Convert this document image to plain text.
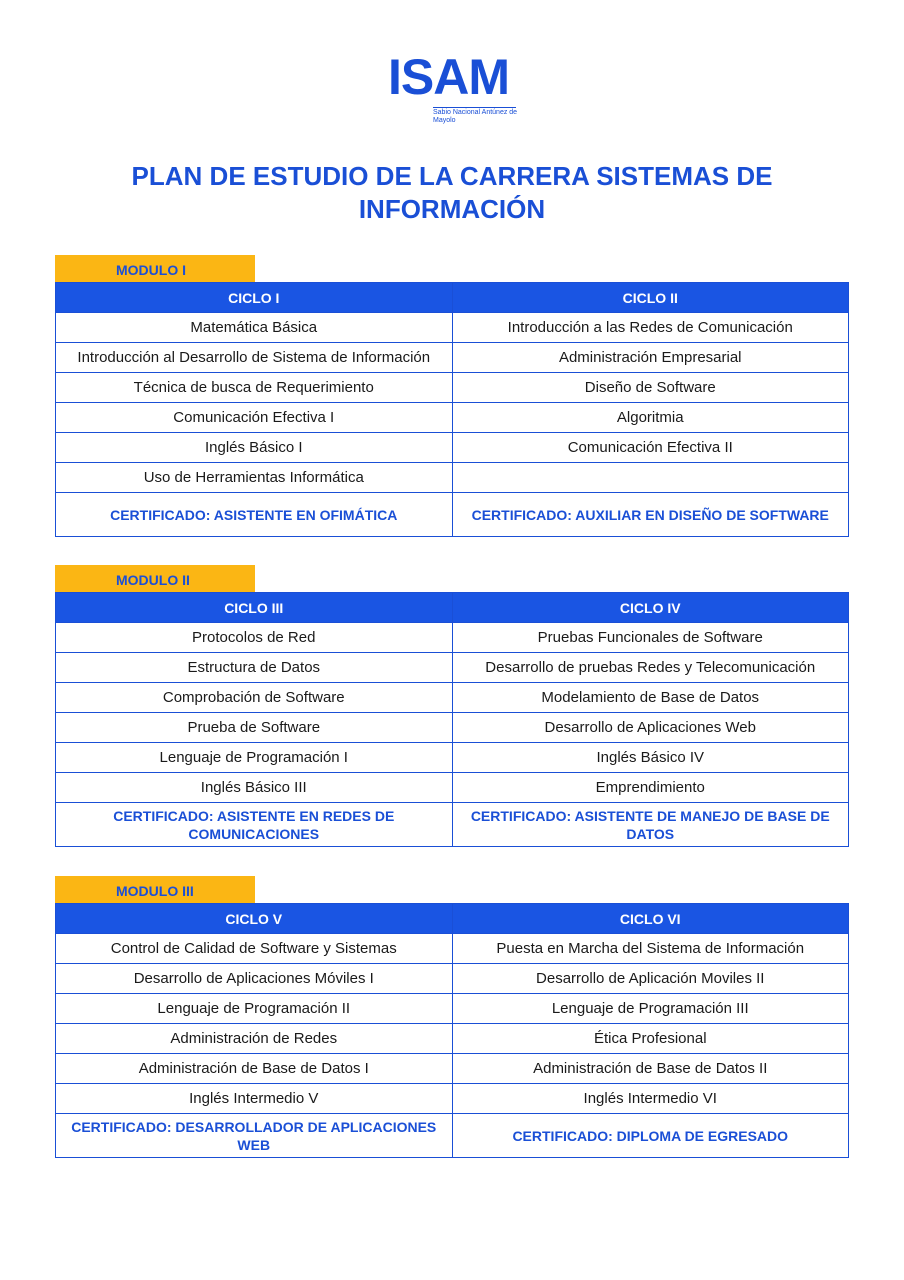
ISAM
Sabio Nacional Antúnez de Mayolo
PLAN DE ESTUDIO DE LA CARRERA SISTEMAS DE INFORMACIÓN
MODULO I
CICLO I	CICLO II
Matemática Básica	Introducción a las Redes de Comunicación
Introducción al Desarrollo de Sistema de Información	Administración Empresarial
Técnica de busca de Requerimiento	Diseño de Software
Comunicación Efectiva I	Algoritmia
Inglés Básico I	Comunicación Efectiva II
Uso de Herramientas Informática	
CERTIFICADO: ASISTENTE EN OFIMÁTICA	CERTIFICADO: AUXILIAR EN DISEÑO DE SOFTWARE
MODULO II
CICLO III	CICLO IV
Protocolos de Red	Pruebas Funcionales de Software
Estructura de Datos	Desarrollo de pruebas Redes y Telecomunicación
Comprobación de Software	Modelamiento de Base de Datos
Prueba de Software	Desarrollo de Aplicaciones Web
Lenguaje de Programación I	Inglés Básico IV
Inglés Básico III	Emprendimiento
CERTIFICADO: ASISTENTE EN REDES DE COMUNICACIONES	CERTIFICADO: ASISTENTE DE MANEJO DE BASE DE DATOS
MODULO III
CICLO V	CICLO VI
Control de Calidad de Software y Sistemas	Puesta en Marcha del Sistema de Información
Desarrollo de Aplicaciones Móviles I	Desarrollo de Aplicación Moviles II
Lenguaje de Programación II	Lenguaje de Programación III
Administración de Redes	Ética Profesional
Administración de Base de Datos I	Administración de Base de Datos II
Inglés Intermedio V	Inglés Intermedio VI
CERTIFICADO: DESARROLLADOR DE APLICACIONES WEB	CERTIFICADO: DIPLOMA DE EGRESADO
